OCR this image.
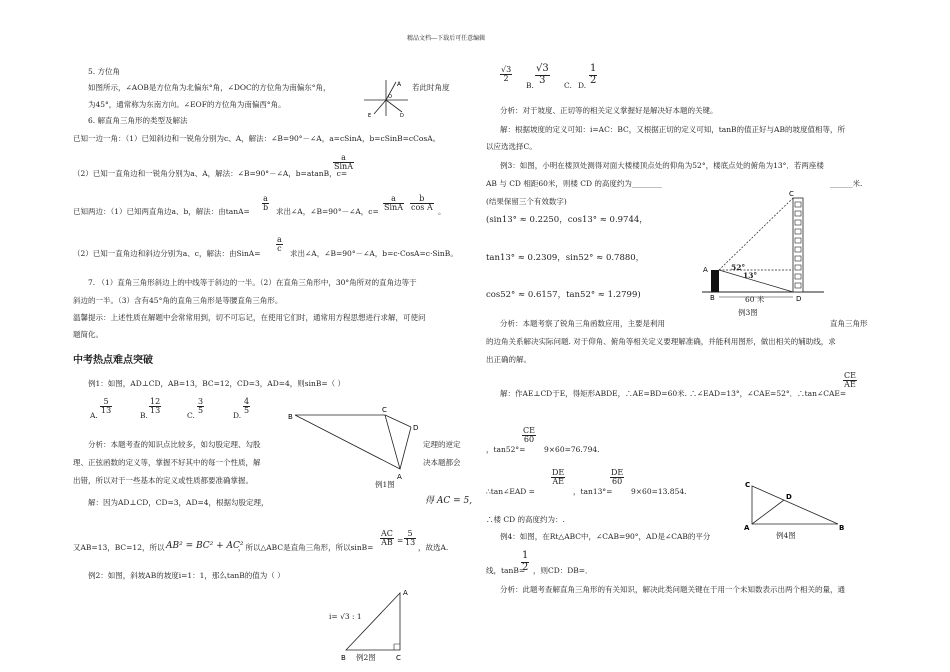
精品文档---下载后可任意编辑
5. 方位角
如图所示，∠AOB是方位角为北偏东°角，∠DOC的方位角为南偏东°角，	若此时角度
为45°，通常称为东南方向。∠EOF的方位角为南偏西°角。
A
O
D
E
6. 解直角三角形的类型及解法
已知一边一角：（1）已知斜边和一锐角分别为c、A，解法：∠B=90°－∠A，a=cSinA，b=cSinB=cCosA。
（2）已知一直角边和一锐角分别为a、A，解法：∠B=90°－∠A，b=atanB，c=
a
SinA
已知两边：（1）已知两直角边a、b，解法：由$\tan A= \frac{a}{b}$ 求出∠A，∠B=90°－∠A，c=
a
SinA $\frac{b}{\text{cos A}}$ 。
（2）已知一直角边和斜边分别为a、c，解法：由SinA= $\frac{a}{c}$ 求出∠A，∠B=90°－∠A，b=c·CosA=c·SinB。
7. （1）直角三角形斜边上的中线等于斜边的一半。（2）在直角三角形中，30°角所对的直角边等于
斜边的一半。（3）含有45°角的直角三角形是等腰直角三角形。
温馨提示：上述性质在解题中会常常用到，切不可忘记，在使用它们时，通常用方程思想进行求解，可使问
题简化。
中考热点难点突破
例1：如图，AD⊥CD，AB=13，BC=12，CD=3，AD=4，则sinB=（ ）
A. $\frac{5}{13}$	B. $\frac{12}{13}$	C. $\frac{3}{5}$	D. $\frac{4}{5}$
B
C
D
A
例1图
分析：本题考查的知识点比较多，如勾股定理、勾股	定理的逆定
理、正弦函数的定义等，掌握不好其中的每一个性质，解	决本题都会
出错，所以对于一些基本的定义或性质都要准确掌握。
解：因为AD⊥CD，CD=3，AD=4，根据勾股定理，	得 AC = 5,
又AB=13，BC=12，所以 AB² = BC² + AC²
，所以△ABC是直角三角形，所以$\sin B= \frac{AC}{AB} = \frac{5}{13}$ ，故选A.
例2：如图，斜坡AB的坡度i=1：1，那么tanB的值为（ ）
A
B	C
i= √3 : 1
例2图
$\frac{√3}{2}$
B. $\frac{√3}{3} C$. D. $\frac{1}{2}$
分析：对于坡度、正切等的相关定义掌握好是解决好本题的关键。
解：根据坡度的定义可知：i=AC：BC，又根据正切的定义可知，tanB的值正好与AB的坡度值相等，所
以应选选择C。
例3：如图，小明在楼顶处测得对面大楼楼顶点处的仰角为52°，楼底点处的俯角为13°．若两座楼
AB 与 CD 相距60米，则楼 CD 的高度约为________	______米.
(结果保留三个有效数字)
(sin13° ≈ 0.2250，cos13° ≈ 0.9744，
tan13° ≈ 0.2309，sin52° ≈ 0.7880，
cos52° ≈ 0.6157，tan52° ≈ 1.2799)
C
A
B	D
52°
13°
60 米
例3图
分析：本题考察了锐角三角函数应用，主要是利用	直角三角形
的边角关系解决实际问题. 对于仰角、俯角等相关定义要理解准确，并能利用图形，做出相关的辅助线，求
出正确的解。
解：作AE⊥CD于E，得矩形ABDE，∴AE=BD=60米. ∴∠EAD=13°，∠CAE=52°．∴tan∠CAE=
$\frac{CE}{AE}$
，tan52°=
$\frac{CE}{60}$
9×60=76.794.
∴tan∠EAD =
$\frac{DE}{AE}$
，tan13°=
$\frac{DE}{60}$
9×60=13.854.
∴楼 CD 的高度约为：.
例4：如图，在Rt△ABC中，∠CAB=90°，AD是∠CAB的平分
线，tanB=
$\frac{1}{2}$ ，则CD：DB=．
C
D
A	B
例4图
分析：此题考查解直角三角形的有关知识，解决此类问题关键在于用一个未知数表示出两个相关的量，通
